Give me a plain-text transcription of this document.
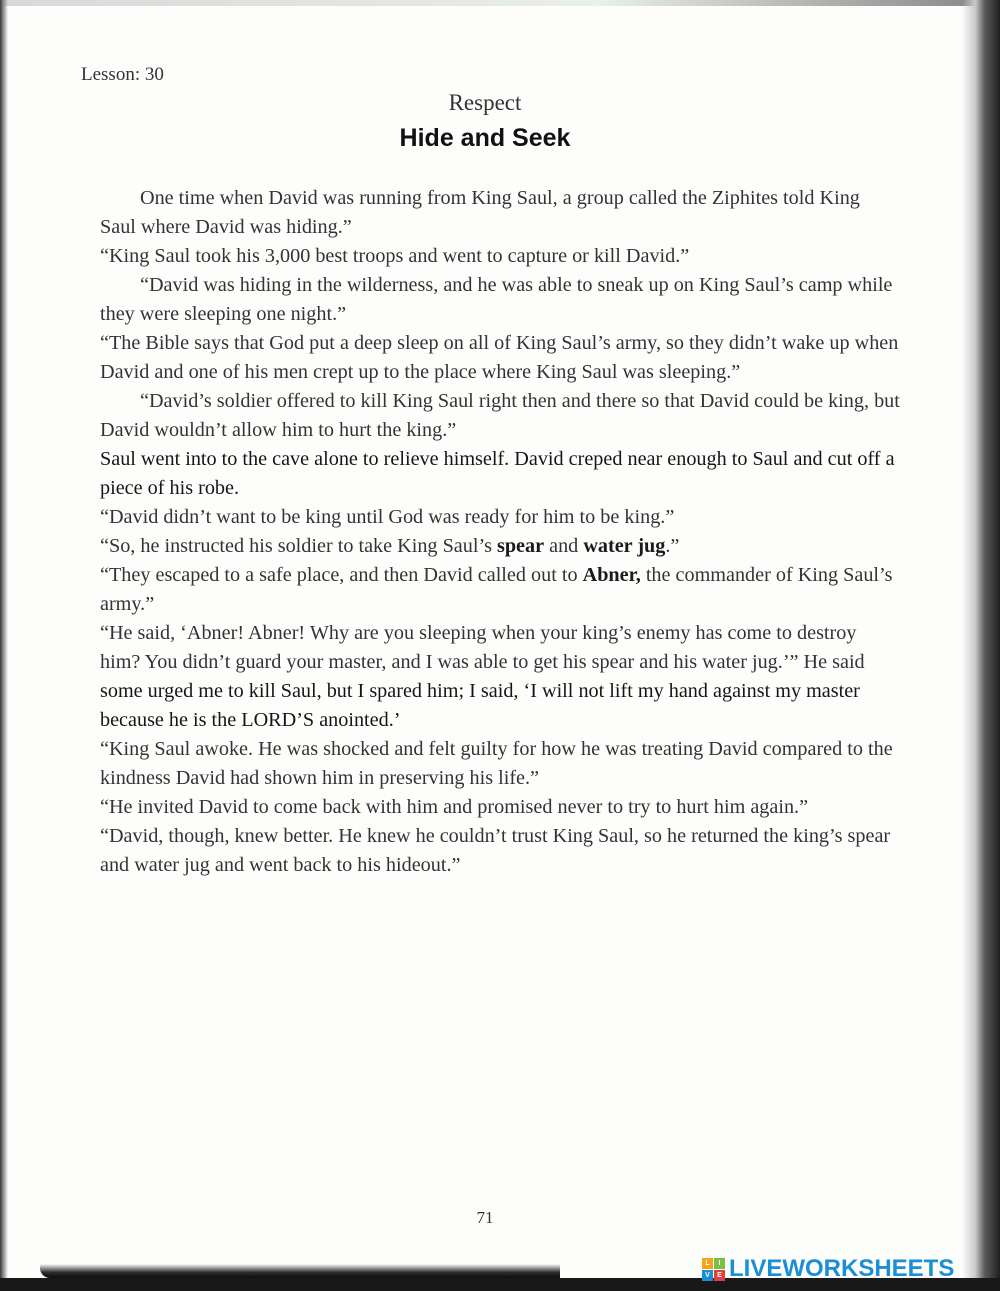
Lesson: 30
Respect
Hide and Seek

One time when David was running from King Saul, a group called the Ziphites told King Saul where David was hiding.”

“King Saul took his 3,000 best troops and went to capture or kill David.”

“David was hiding in the wilderness, and he was able to sneak up on King Saul’s camp while they were sleeping one night.”

“The Bible says that God put a deep sleep on all of King Saul’s army, so they didn’t wake up when David and one of his men crept up to the place where King Saul was sleeping.”

“David’s soldier offered to kill King Saul right then and there so that David could be king, but David wouldn’t allow him to hurt the king.”

Saul went into to the cave alone to relieve himself. David creped near enough to Saul and cut off a piece of his robe.

“David didn’t want to be king until God was ready for him to be king.”

“So, he instructed his soldier to take King Saul’s spear and water jug.”

“They escaped to a safe place, and then David called out to Abner, the commander of King Saul’s army.”

“He said, ‘Abner! Abner! Why are you sleeping when your king’s enemy has come to destroy him? You didn’t guard your master, and I was able to get his spear and his water jug.’” He said some urged me to kill Saul, but I spared him; I said, ‘I will not lift my hand against my master because he is the LORD’S anointed.’

“King Saul awoke. He was shocked and felt guilty for how he was treating David compared to the kindness David had shown him in preserving his life.”

“He invited David to come back with him and promised never to try to hurt him again.”

“David, though, knew better. He knew he couldn’t trust King Saul, so he returned the king’s spear and water jug and went back to his hideout.”

71
L	I
V	E LIVEWORKSHEETS
